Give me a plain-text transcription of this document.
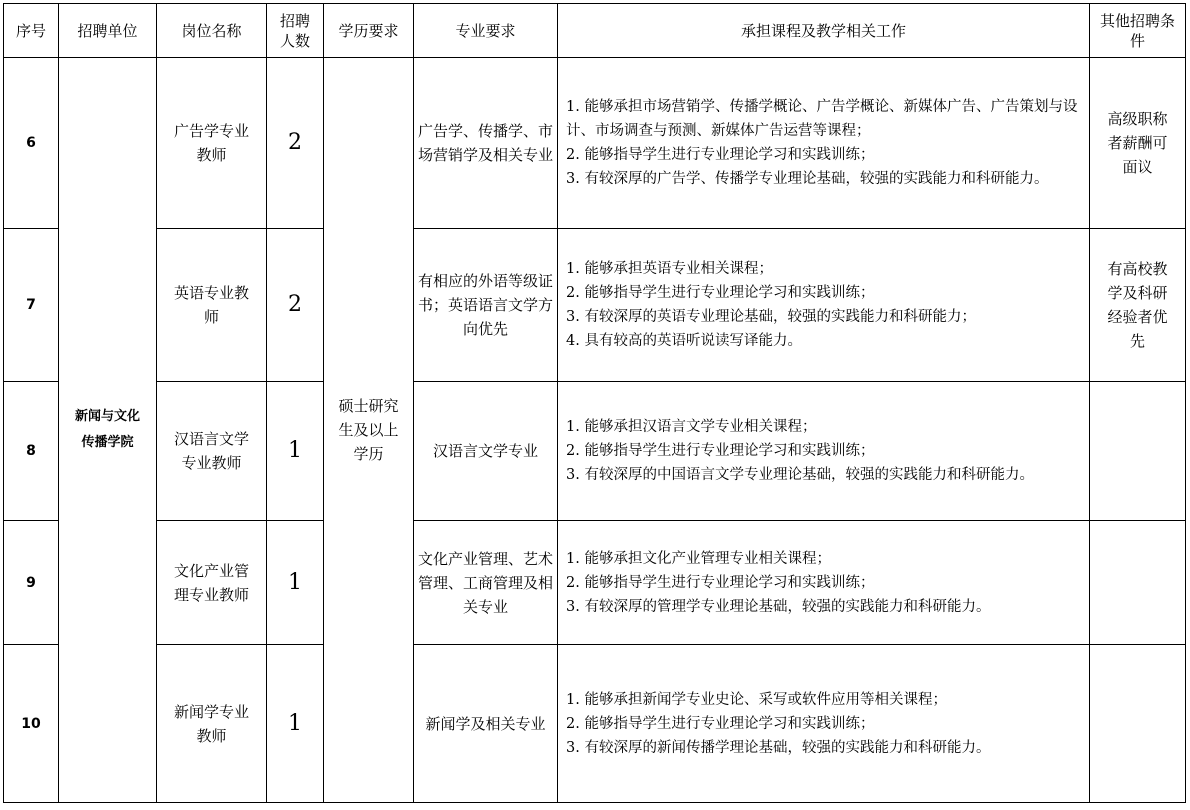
序号	招聘单位	岗位名称	招聘人数	学历要求	专业要求	承担课程及教学相关工作	其他招聘条件
6	新闻与文化传播学院	广告学专业教师	2	硕士研究生及以上学历	广告学、传播学、市场营销学及相关专业	1. 能够承担市场营销学、传播学概论、广告学概论、新媒体广告、广告策划与设计、市场调查与预测、新媒体广告运营等课程；
2. 能够指导学生进行专业理论学习和实践训练；
3. 有较深厚的广告学、传播学专业理论基础，较强的实践能力和科研能力。	高级职称者薪酬可面议
7		英语专业教师	2		有相应的外语等级证书；英语语言文学方向优先	1. 能够承担英语专业相关课程；
2. 能够指导学生进行专业理论学习和实践训练；
3. 有较深厚的英语专业理论基础，较强的实践能力和科研能力；
4. 具有较高的英语听说读写译能力。	有高校教学及科研经验者优先
8		汉语言文学专业教师	1		汉语言文学专业	1. 能够承担汉语言文学专业相关课程；
2. 能够指导学生进行专业理论学习和实践训练；
3. 有较深厚的中国语言文学专业理论基础，较强的实践能力和科研能力。	

9		文化产业管理专业教师	1		文化产业管理、艺术管理、工商管理及相关专业	1. 能够承担文化产业管理专业相关课程；
2. 能够指导学生进行专业理论学习和实践训练；
3. 有较深厚的管理学专业理论基础，较强的实践能力和科研能力。	

10		新闻学专业教师	1		新闻学及相关专业	1. 能够承担新闻学专业史论、采写或软件应用等相关课程；
2. 能够指导学生进行专业理论学习和实践训练；
3. 有较深厚的新闻传播学理论基础，较强的实践能力和科研能力。	
